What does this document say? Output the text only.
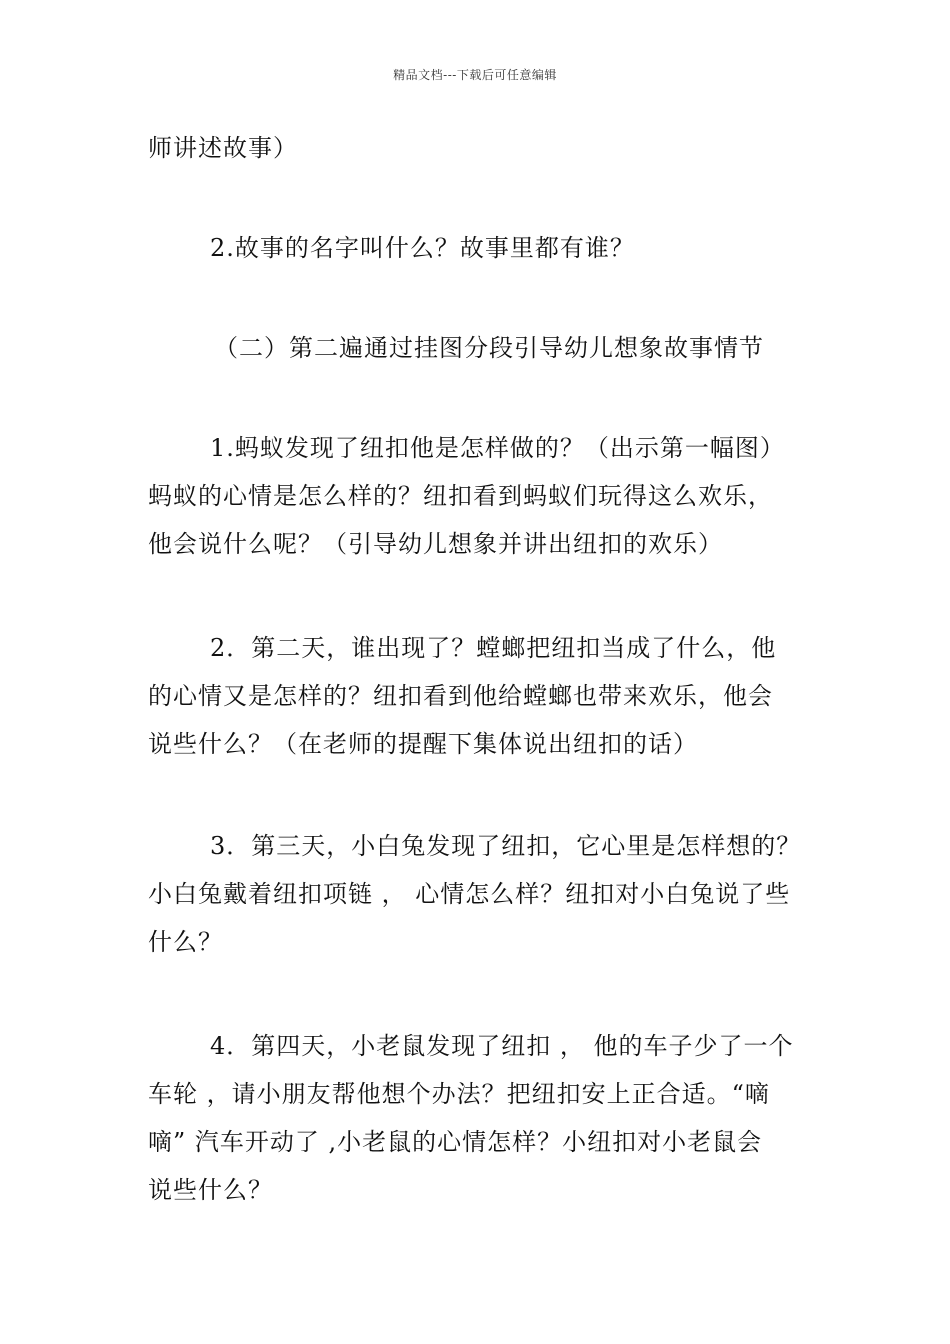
精品文档---下载后可任意编辑

师讲述故事）

2.故事的名字叫什么？故事里都有谁？

（二）第二遍通过挂图分段引导幼儿想象故事情节

1.蚂蚁发现了纽扣他是怎样做的？（出示第一幅图）

蚂蚁的心情是怎么样的？纽扣看到蚂蚁们玩得这么欢乐，

他会说什么呢？（引导幼儿想象并讲出纽扣的欢乐）

2．第二天，谁出现了？螳螂把纽扣当成了什么，他

的心情又是怎样的？纽扣看到他给螳螂也带来欢乐，他会

说些什么？（在老师的提醒下集体说出纽扣的话）

3．第三天，小白兔发现了纽扣，它心里是怎样想的？

小白兔戴着纽扣项链 ， 心情怎么样？纽扣对小白兔说了些

什么？

4．第四天，小老鼠发现了纽扣 ， 他的车子少了一个

车轮 ，请小朋友帮他想个办法？把纽扣安上正合适。“嘀

嘀” 汽车开动了 ,小老鼠的心情怎样？小纽扣对小老鼠会

说些什么？
